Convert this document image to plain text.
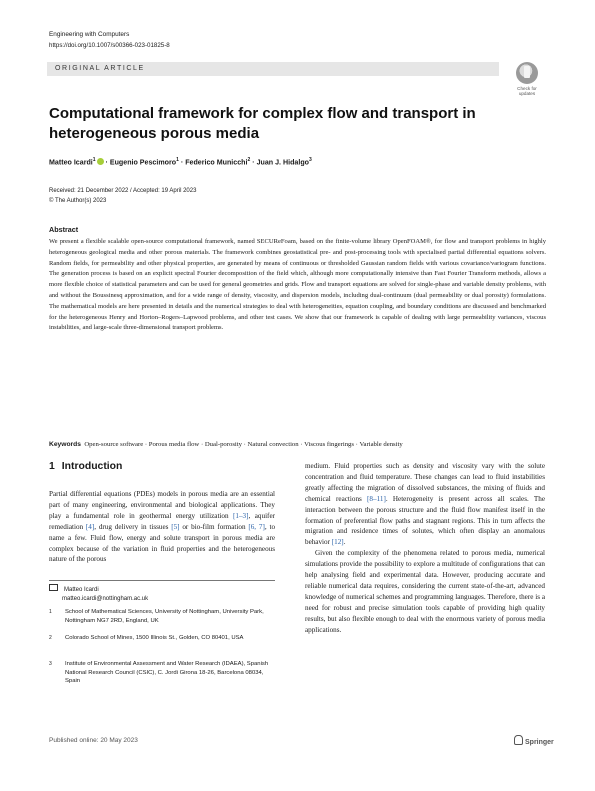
Engineering with Computers
https://doi.org/10.1007/s00366-023-01825-8
ORIGINAL ARTICLE
Check for
updates
Computational framework for complex flow and transport in heterogeneous porous media
Matteo Icardi$^1$ · Eugenio Pescimoro$^1$ · Federico Municchi$^2$ · Juan J. Hidalgo$^3$
Received: 21 December 2022 / Accepted: 19 April 2023
© The Author(s) 2023
Abstract
We present a flexible scalable open-source computational framework, named SECUReFoam, based on the finite-volume library OpenFOAM®, for flow and transport problems in highly heterogeneous geological media and other porous materials. The framework combines geostatistical pre- and post-processing tools with specialised partial differential equations solvers. Random fields, for permeability and other physical properties, are generated by means of continuous or thresholded Gaussian random fields with various covariance/variogram functions. The generation process is based on an explicit spectral Fourier decomposition of the field which, although more computationally intensive than Fast Fourier Transform methods, allows a more flexible choice of statistical parameters and can be used for general geometries and grids. Flow and transport equations are solved for single-phase and variable density problems, with and without the Boussinesq approximation, and for a wide range of density, viscosity, and dispersion models, including dual-continuum (dual permeability or dual porosity) formulations. The mathematical models are here presented in details and the numerical strategies to deal with heterogeneities, equation coupling, and boundary conditions are discussed and benchmarked for the heterogeneous Henry and Horton–Rogers–Lapwood problems, and other test cases. We show that our framework is capable of dealing with large permeability variances, viscous instabilities, and large-scale three-dimensional transport problems.
Keywords Open-source software · Porous media flow · Dual-porosity · Natural convection · Viscous fingerings · Variable density
1 Introduction

Partial differential equations (PDEs) models in porous media are an essential part of many engineering, environmental and biological applications. They play a fundamental role in geothermal energy utilization [1–3], aquifer remediation [4], drug delivery in tissues [5] or bio-film formation [6, 7], to name a few. Fluid flow, energy and solute transport in porous media are complex because of the variation in fluid properties and the heterogeneous nature of the porous

medium. Fluid properties such as density and viscosity vary with the solute concentration and fluid temperature. These changes can lead to fluid instabilities greatly affecting the migration of dissolved substances, the mixing of fluids and chemical reactions [8–11]. Heterogeneity is present across all scales. The interaction between the porous structure and the fluid flow manifest itself in the formation of preferential flow paths and stagnant regions. This in turn affects the migration and residence times of solutes, which often display an anomalous behavior [12].

Given the complexity of the phenomena related to porous media, numerical simulations provide the possibility to explore a multitude of configurations that can help analysing field and experimental data. However, producing accurate and reliable numerical data requires, considering the current state-of-the-art, advanced knowledge of numerical schemes and programming languages. Therefore, there is a need for robust and precise simulation tools capable of providing high quality results, but also flexible enough to deal with the enormous variety of porous media applications.

Matteo Icardi
matteo.icardi@nottingham.ac.uk
1 School of Mathematical Sciences, University of Nottingham, University Park, Nottingham NG7 2RD, England, UK
2 Colorado School of Mines, 1500 Illinois St., Golden, CO 80401, USA
3 Institute of Environmental Assessment and Water Research (IDAEA), Spanish National Research Council (CSIC), C. Jordi Girona 18-26, Barcelona 08034, Spain
Published online: 20 May 2023	Springer
